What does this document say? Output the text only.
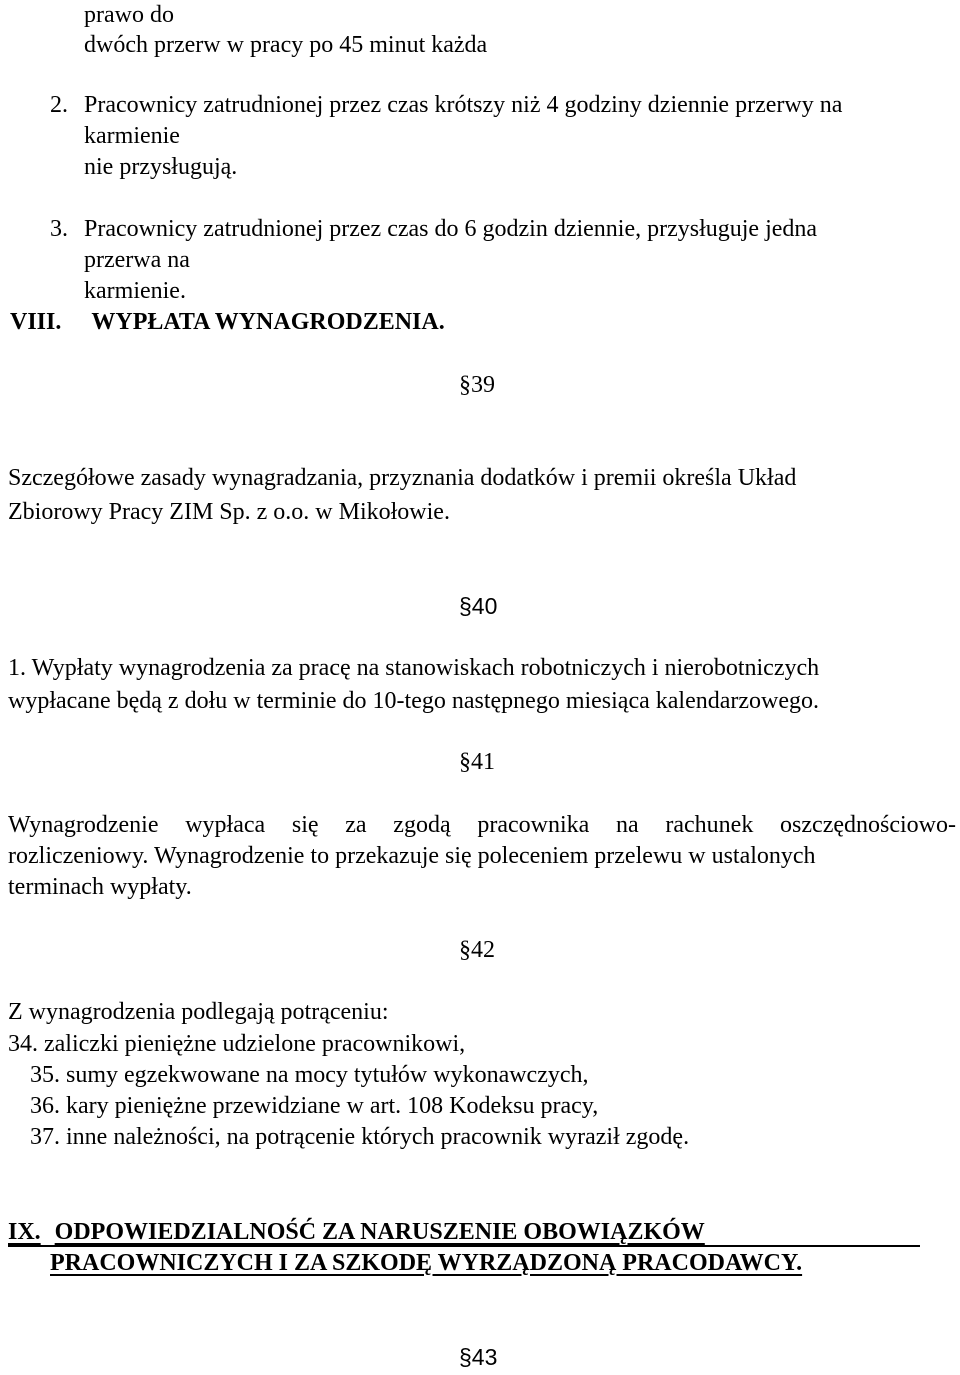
prawo do
dwóch przerw w pracy po 45 minut każda
2. Pracownicy zatrudnionej przez czas krótszy niż 4 godziny dziennie przerwy na
karmienie
nie przysługują.
3. Pracownicy zatrudnionej przez czas do 6 godzin dziennie, przysługuje jedna
przerwa na
karmienie.
VIII. WYPŁATA WYNAGRODZENIA.
§39
Szczegółowe zasady wynagradzania, przyznania dodatków i premii określa Układ
Zbiorowy Pracy ZIM Sp. z o.o. w Mikołowie.
§40
1. Wypłaty wynagrodzenia za pracę na stanowiskach robotniczych i nierobotniczych
wypłacane będą z dołu w terminie do 10-tego następnego miesiąca kalendarzowego.
§41
Wynagrodzenie wypłaca się za zgodą pracownika na rachunek oszczędnościowo-
rozliczeniowy. Wynagrodzenie to przekazuje się poleceniem przelewu w ustalonych
terminach wypłaty.
§42
Z wynagrodzenia podlegają potrąceniu:
34. zaliczki pieniężne udzielone pracownikowi,
35. sumy egzekwowane na mocy tytułów wykonawczych,
36. kary pieniężne przewidziane w art. 108 Kodeksu pracy,
37. inne należności, na potrącenie których pracownik wyraził zgodę.
IX. ODPOWIEDZIALNOŚĆ ZA NARUSZENIE OBOWIĄZKÓW
PRACOWNICZYCH I ZA SZKODĘ WYRZĄDZONĄ PRACODAWCY.
§43
